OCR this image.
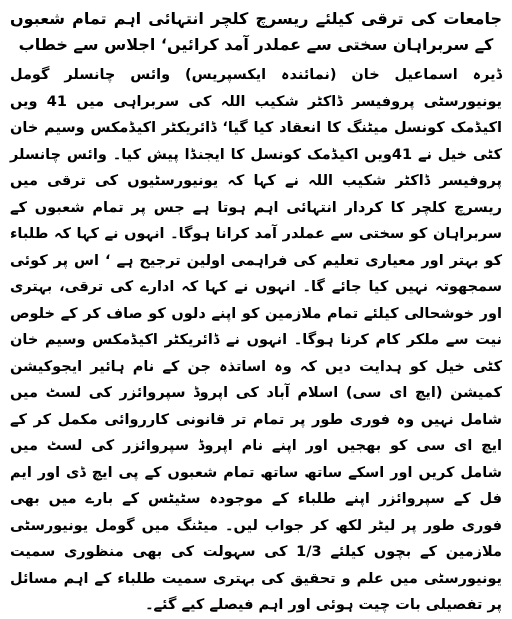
جامعات کی ترقی کیلئے ریسرچ کلچر انتہائی اہم تمام شعبوں کے سربراہان سختی سے عملدر آمد کرائیں‘ اجلاس سے خطاب

ڈیرہ اسماعیل خان (نمائندہ ایکسپریس) وائس چانسلر گومل یونیورسٹی پروفیسر ڈاکٹر شکیب اللہ کی سربراہی میں 41 ویں اکیڈمک کونسل میٹنگ کا انعقاد کیا گیا‘ ڈائریکٹر اکیڈمکس وسیم خان کٹی خیل نے 41ویں اکیڈمک کونسل کا ایجنڈا پیش کیا۔ وائس چانسلر پروفیسر ڈاکٹر شکیب اللہ نے کہا کہ یونیورسٹیوں کی ترقی میں ریسرچ کلچر کا کردار انتہائی اہم ہوتا ہے جس پر تمام شعبوں کے سربراہان کو سختی سے عملدر آمد کرانا ہوگا۔ انہوں نے کہا کہ طلباء کو بہتر اور معیاری تعلیم کی فراہمی اولین ترجیح ہے ‘ اس پر کوئی سمجھوتہ نہیں کیا جائے گا۔ انہوں نے کہا کہ ادارے کی ترقی، بہتری اور خوشحالی کیلئے تمام ملازمین کو اپنے دلوں کو صاف کر کے خلوص نیت سے ملکر کام کرنا ہوگا۔ انہوں نے ڈائریکٹر اکیڈمکس وسیم خان کٹی خیل کو ہدایت دیں کہ وہ اساتذہ جن کے نام ہائیر ایجوکیشن کمیشن (ایچ ای سی) اسلام آباد کی اپروڈ سپروائزر کی لسٹ میں شامل نہیں وہ فوری طور پر تمام تر قانونی کارروائی مکمل کر کے ایچ ای سی کو بھجیں اور اپنے نام اپروڈ سپروائزر کی لسٹ میں شامل کریں اور اسکے ساتھ ساتھ تمام شعبوں کے پی ایچ ڈی اور ایم فل کے سپروائزر اپنے طلباء کے موجودہ سٹیٹس کے بارے میں بھی فوری طور پر لیٹر لکھ کر جواب لیں۔ میٹنگ میں گومل یونیورسٹی ملازمین کے بچوں کیلئے 1/3 کی سہولت کی بھی منظوری سمیت یونیورسٹی میں علم و تحقیق کی بہتری سمیت طلباء کے اہم مسائل پر تفصیلی بات چیت ہوئی اور اہم فیصلے کیے گئے۔
